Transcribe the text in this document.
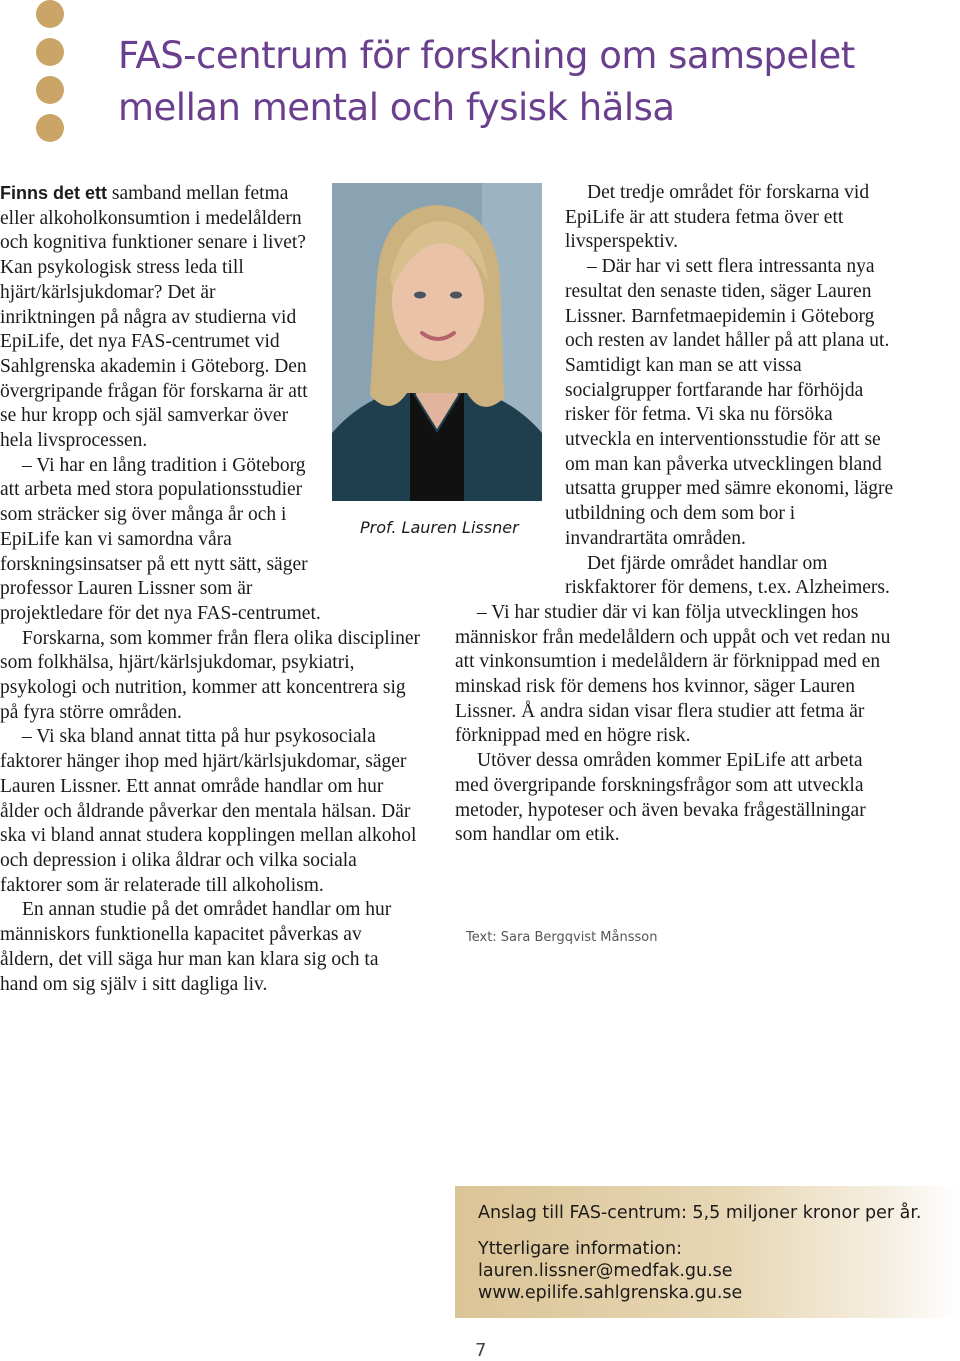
FAS-centrum för forskning om samspelet
mellan mental och fysisk hälsa
Prof. Lauren Lissner

Finns det ett samband mellan fetma eller alkoholkonsumtion i medelåldern och kognitiva funktioner senare i livet? Kan psykologisk stress leda till hjärt/kärlsjukdomar? Det är inriktningen på några av studierna vid EpiLife, det nya FAS-centrumet vid Sahlgrenska akademin i Göteborg. Den övergripande frågan för forskarna är att se hur kropp och själ samverkar över hela livsprocessen.

– Vi har en lång tradition i Göteborg att arbeta med stora populationsstudier som sträcker sig över många år och i EpiLife kan vi samordna våra forskningsinsatser på ett nytt sätt, säger professor Lauren Lissner som är projektledare för det nya FAS-centrumet.

Forskarna, som kommer från flera olika discipliner som folkhälsa, hjärt/kärlsjukdomar, psykiatri, psykologi och nutrition, kommer att koncentrera sig på fyra större områden.

– Vi ska bland annat titta på hur psykosociala faktorer hänger ihop med hjärt/kärlsjukdomar, säger Lauren Lissner. Ett annat område handlar om hur ålder och åldrande påverkar den mentala hälsan. Där ska vi bland annat studera kopplingen mellan alkohol och depression i olika åldrar och vilka sociala faktorer som är relaterade till alkoholism.

En annan studie på det området handlar om hur människors funktionella kapacitet påverkas av åldern, det vill säga hur man kan klara sig och ta hand om sig själv i sitt dagliga liv.

Det tredje området för forskarna vid EpiLife är att studera fetma över ett livsperspektiv.

– Där har vi sett flera intressanta nya resultat den senaste tiden, säger Lauren Lissner. Barnfetmaepidemin i Göteborg och resten av landet håller på att plana ut. Samtidigt kan man se att vissa socialgrupper fortfarande har förhöjda risker för fetma. Vi ska nu försöka utveckla en interventionsstudie för att se om man kan påverka utvecklingen bland utsatta grupper med sämre ekonomi, lägre utbildning och dem som bor i invandrartäta områden.

Det fjärde området handlar om riskfaktorer för demens, t.ex. Alzheimers.

– Vi har studier där vi kan följa utvecklingen hos människor från medelåldern och uppåt och vet redan nu att vinkonsumtion i medelåldern är förknippad med en minskad risk för demens hos kvinnor, säger Lauren Lissner. Å andra sidan visar flera studier att fetma är förknippad med en högre risk.

Utöver dessa områden kommer EpiLife att arbeta med övergripande forskningsfrågor som att utveckla metoder, hypoteser och även bevaka frågeställningar som handlar om etik.

Text: Sara Bergqvist Månsson
Anslag till FAS-centrum: 5,5 miljoner kronor per år.
Ytterligare information:
lauren.lissner@medfak.gu.se
www.epilife.sahlgrenska.gu.se
7
